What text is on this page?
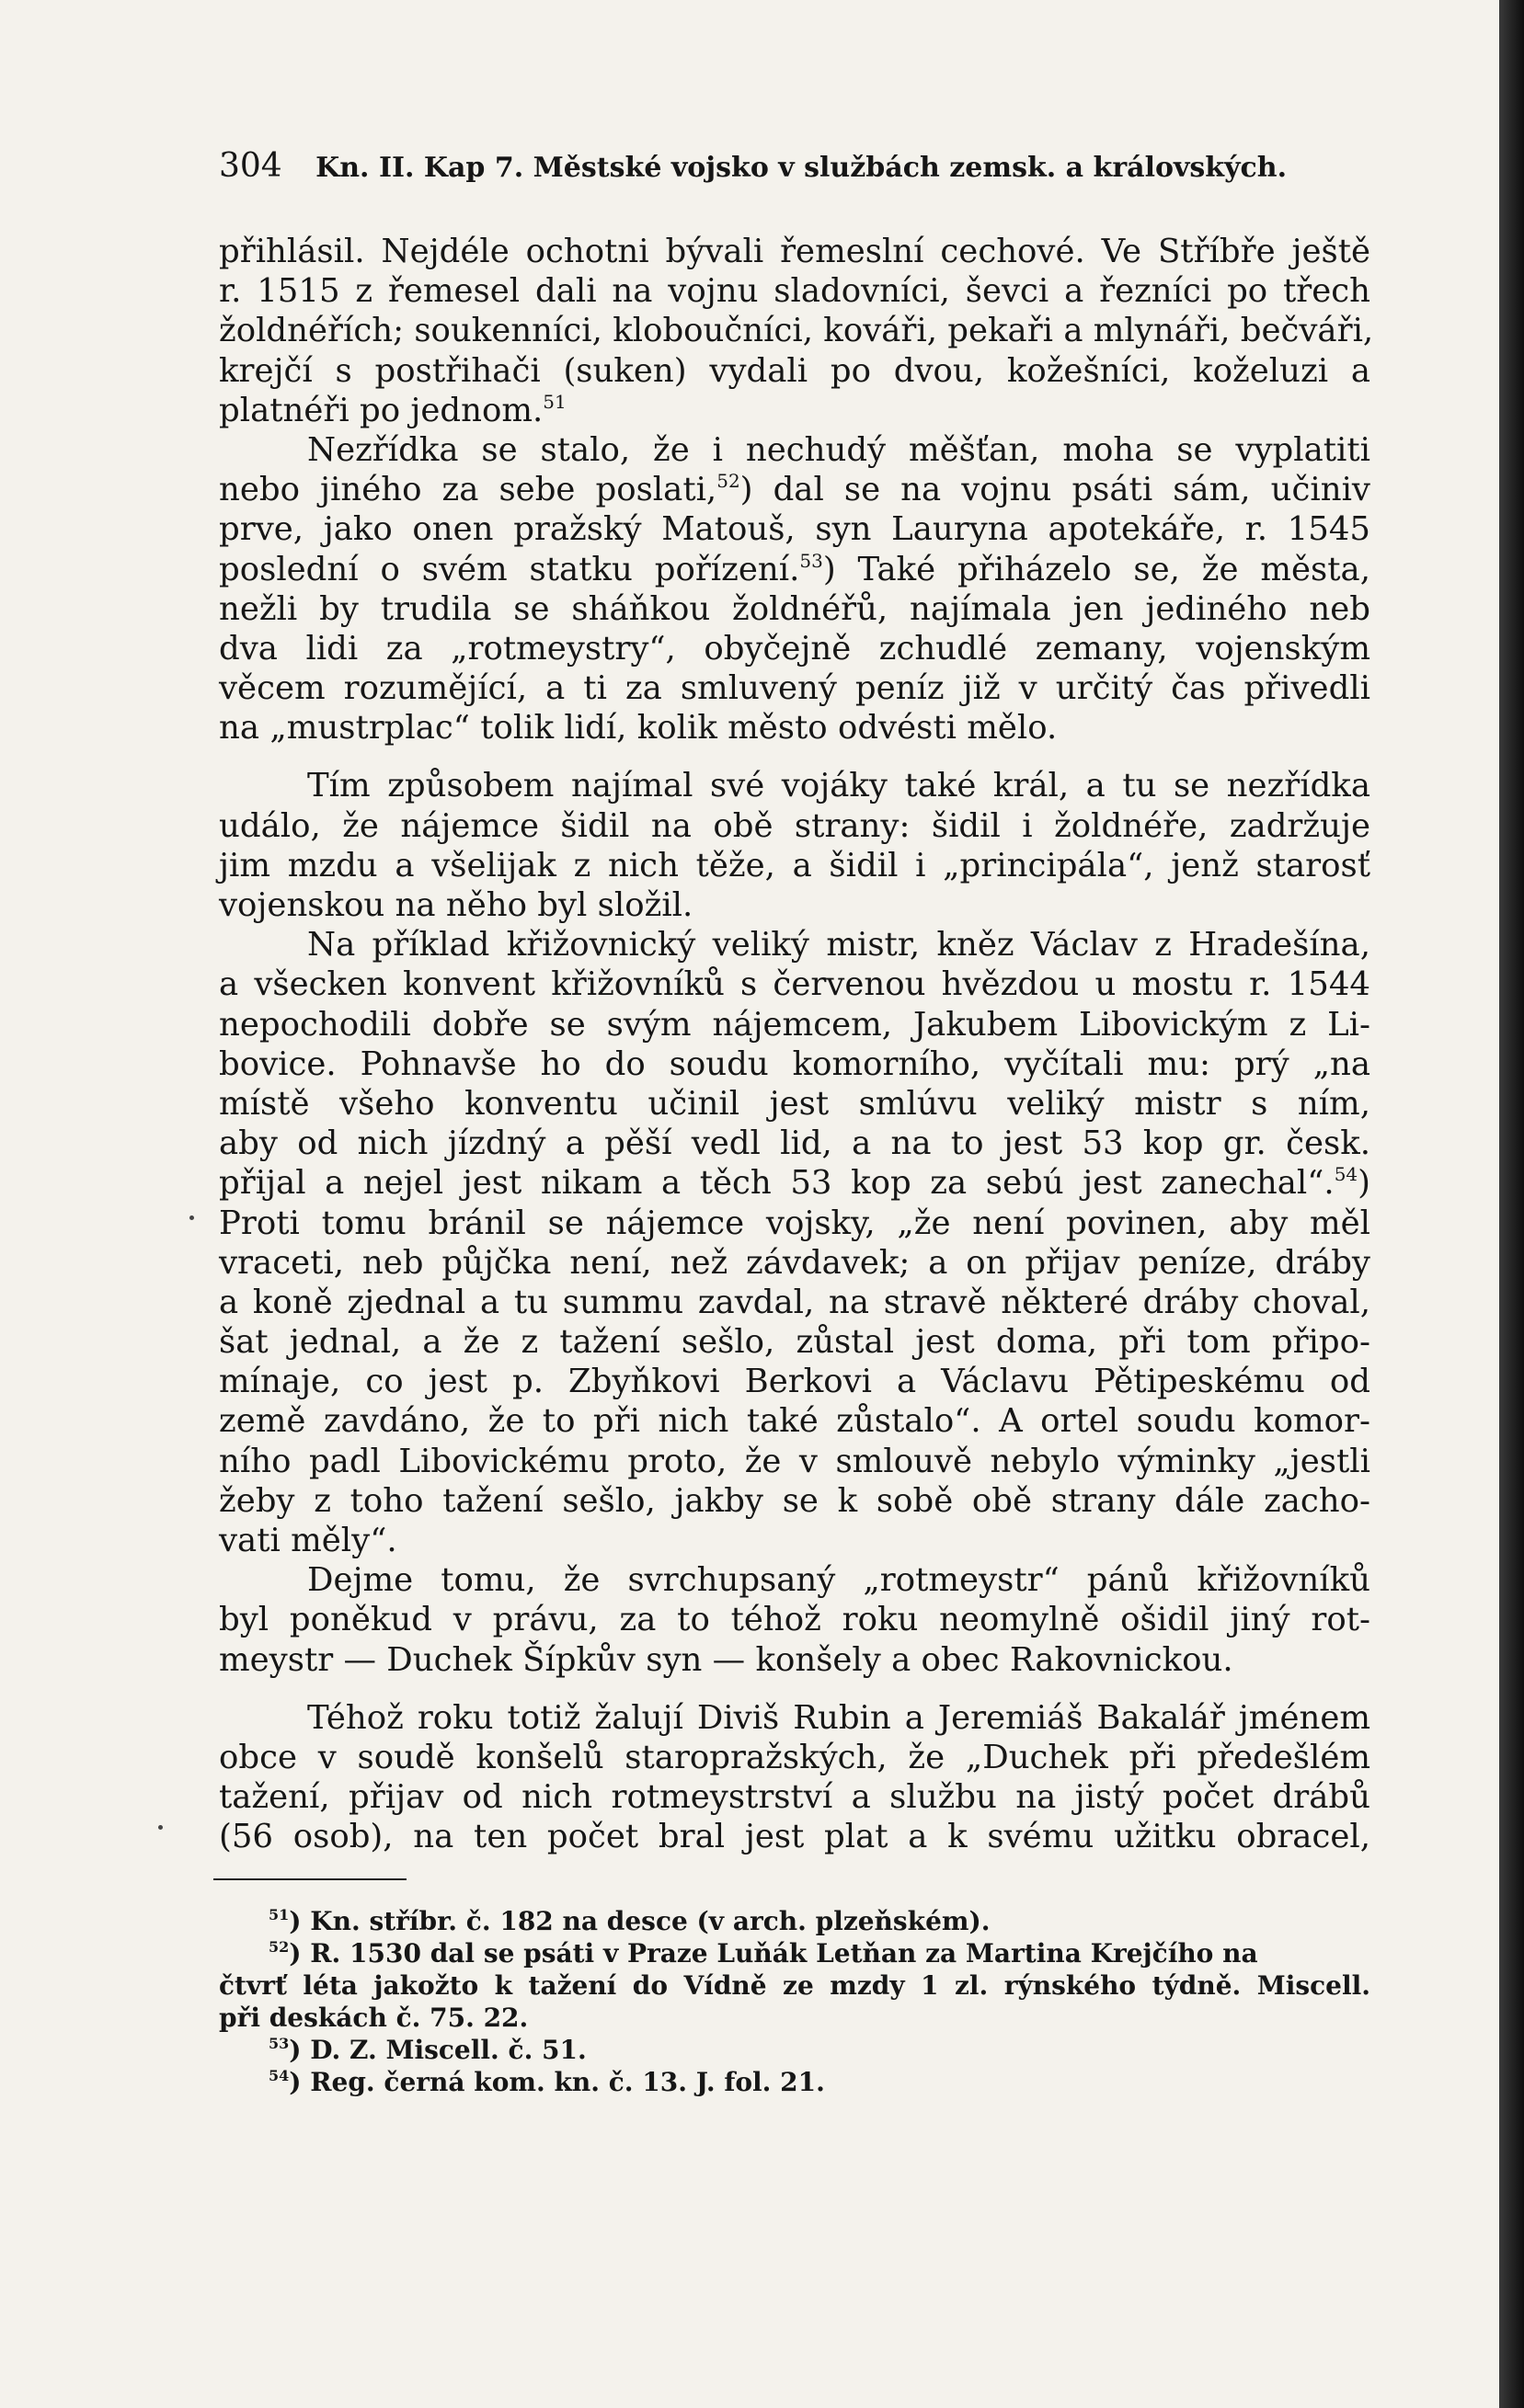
304 Kn. II. Kap 7. Městské vojsko v službách zemsk. a královských.
přihlásil. Nejdéle ochotni bývali řemeslní cechové. Ve Stříbře ještě
r. 1515 z řemesel dali na vojnu sladovníci, ševci a řezníci po třech
žoldnéřích; soukenníci, kloboučníci, kováři, pekaři a mlynáři, bečváři,
krejčí s postřihači (suken) vydali po dvou, kožešníci, koželuzi a
platnéři po jednom.$^{51}$
Nezřídka se stalo, že i nechudý měšťan, moha se vyplatiti
nebo jiného za sebe poslati,$^{52}$) dal se na vojnu psáti sám, učiniv
prve, jako onen pražský Matouš, syn Lauryna apotekáře, r. 1545
poslední o svém statku pořízení.$^{53}$) Také přiházelo se, že města,
nežli by trudila se sháňkou žoldnéřů, najímala jen jediného neb
dva lidi za „rotmeystry“, obyčejně zchudlé zemany, vojenským
věcem rozumějící, a ti za smluvený peníz již v určitý čas přivedli
na „mustrplac“ tolik lidí, kolik město odvésti mělo.
Tím způsobem najímal své vojáky také král, a tu se nezřídka
událo, že nájemce šidil na obě strany: šidil i žoldnéře, zadržuje
jim mzdu a všelijak z nich těže, a šidil i „principála“, jenž starosť
vojenskou na něho byl složil.
Na příklad křižovnický veliký mistr, kněz Václav z Hradešína,
a všecken konvent křižovníků s červenou hvězdou u mostu r. 1544
nepochodili dobře se svým nájemcem, Jakubem Libovickým z Li-
bovice. Pohnavše ho do soudu komorního, vyčítali mu: prý „na
místě všeho konventu učinil jest smlúvu veliký mistr s ním,
aby od nich jízdný a pěší vedl lid, a na to jest 53 kop gr. česk.
přijal a nejel jest nikam a těch 53 kop za sebú jest zanechal“.$^{54}$)
Proti tomu bránil se nájemce vojsky, „že není povinen, aby měl
vraceti, neb půjčka není, než závdavek; a on přijav peníze, dráby
a koně zjednal a tu summu zavdal, na stravě některé dráby choval,
šat jednal, a že z tažení sešlo, zůstal jest doma, při tom připo-
mínaje, co jest p. Zbyňkovi Berkovi a Václavu Pětipeskému od
země zavdáno, že to při nich také zůstalo“. A ortel soudu komor-
ního padl Libovickému proto, že v smlouvě nebylo výminky „jestli
žeby z toho tažení sešlo, jakby se k sobě obě strany dále zacho-
vati měly“.
Dejme tomu, že svrchupsaný „rotmeystr“ pánů křižovníků
byl poněkud v právu, za to téhož roku neomylně ošidil jiný rot-
meystr — Duchek Šípkův syn — konšely a obec Rakovnickou.
Téhož roku totiž žalují Diviš Rubin a Jeremiáš Bakalář jménem
obce v soudě konšelů staropražských, že „Duchek při předešlém
tažení, přijav od nich rotmeystrství a službu na jistý počet drábů
(56 osob), na ten počet bral jest plat a k svému užitku obracel,
$^{51}$) Kn. stříbr. č. 182 na desce (v arch. plzeňském).
$^{52}$) R. 1530 dal se psáti v Praze Luňák Letňan za Martina Krejčího na
čtvrť léta jakožto k tažení do Vídně ze mzdy 1 zl. rýnského týdně. Miscell.
při deskách č. 75. 22.
$^{53}$) D. Z. Miscell. č. 51.
$^{54}$) Reg. černá kom. kn. č. 13. J. fol. 21.
